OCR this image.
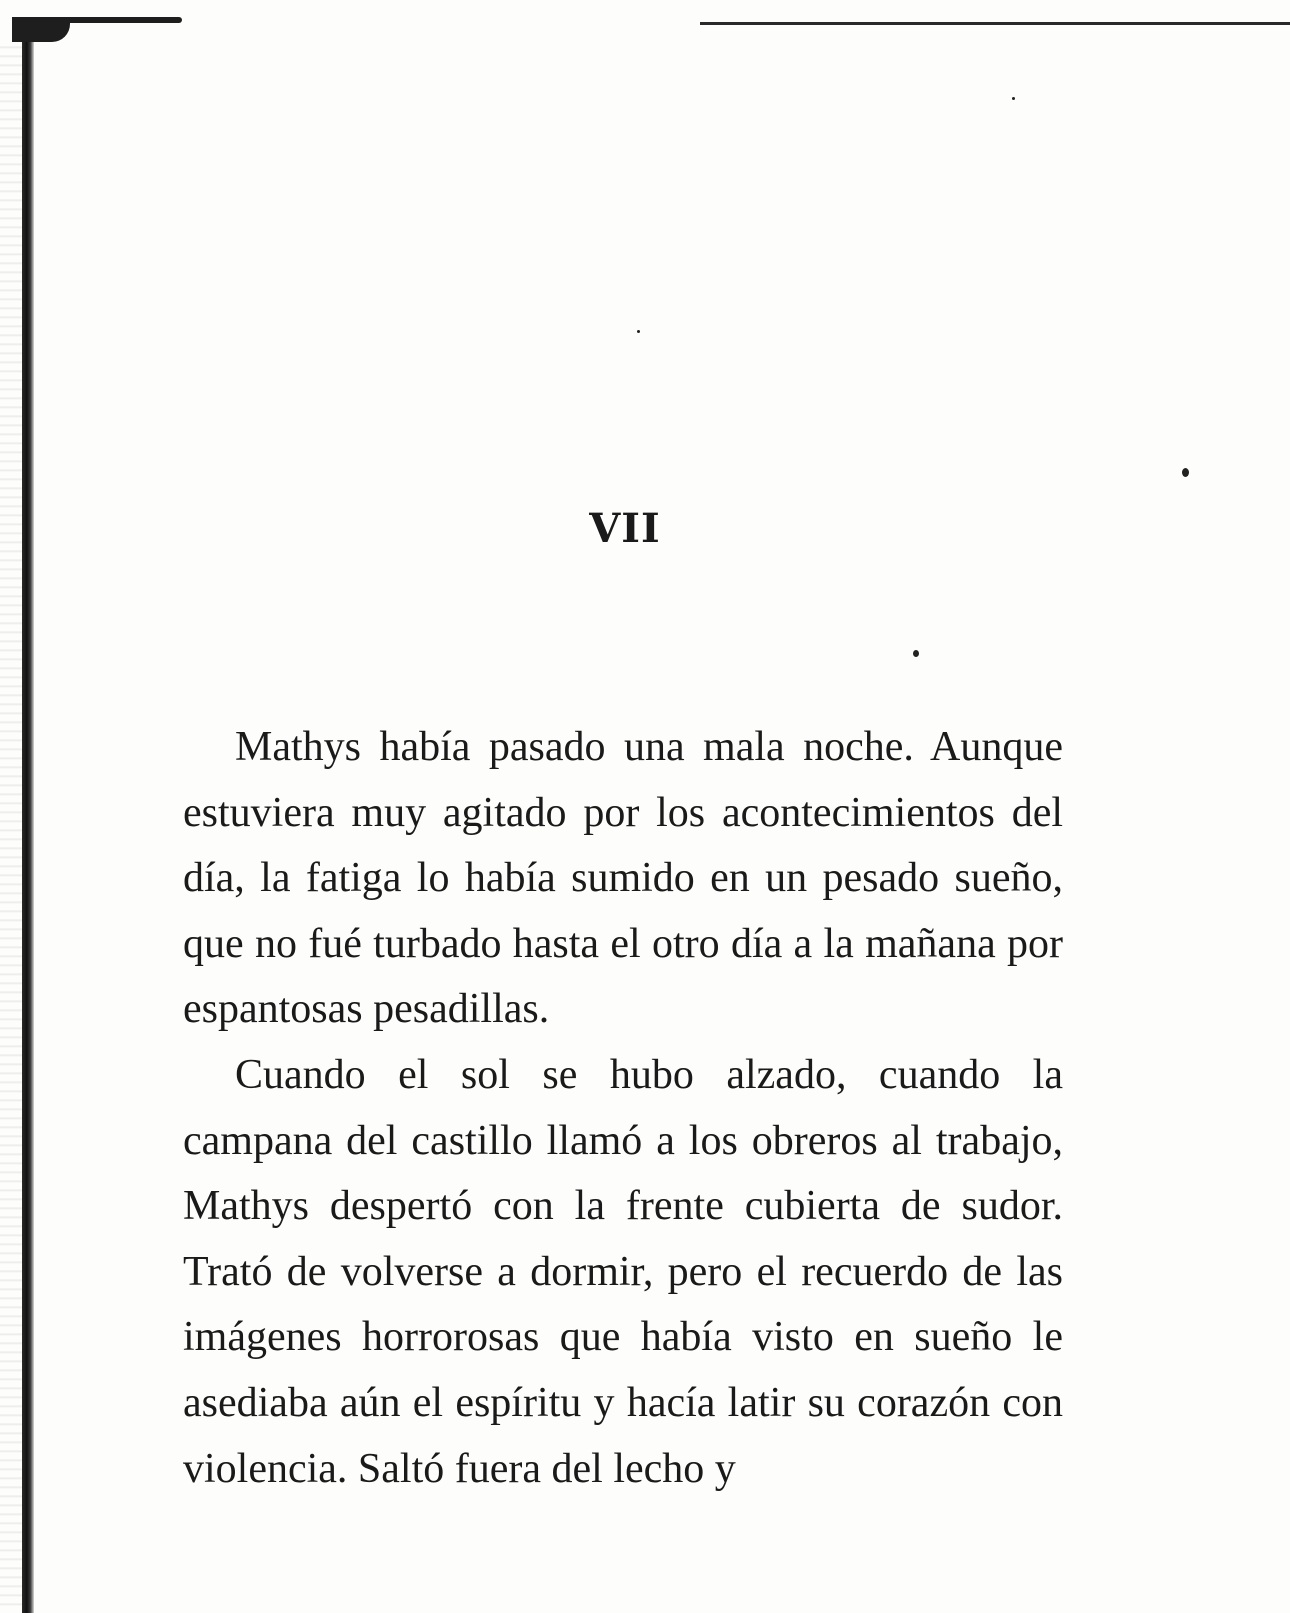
VII

Mathys había pasado una mala noche. Aunque estuviera muy agitado por los acontecimientos del día, la fatiga lo había sumido en un pesado sueño, que no fué turbado hasta el otro día a la mañana por espantosas pesadillas.

Cuando el sol se hubo alzado, cuando la campana del castillo llamó a los obreros al trabajo, Mathys despertó con la frente cubierta de sudor. Trató de volverse a dormir, pero el recuerdo de las imágenes horrorosas que había visto en sueño le asediaba aún el espíritu y hacía latir su corazón con violencia. Saltó fuera del lecho y
